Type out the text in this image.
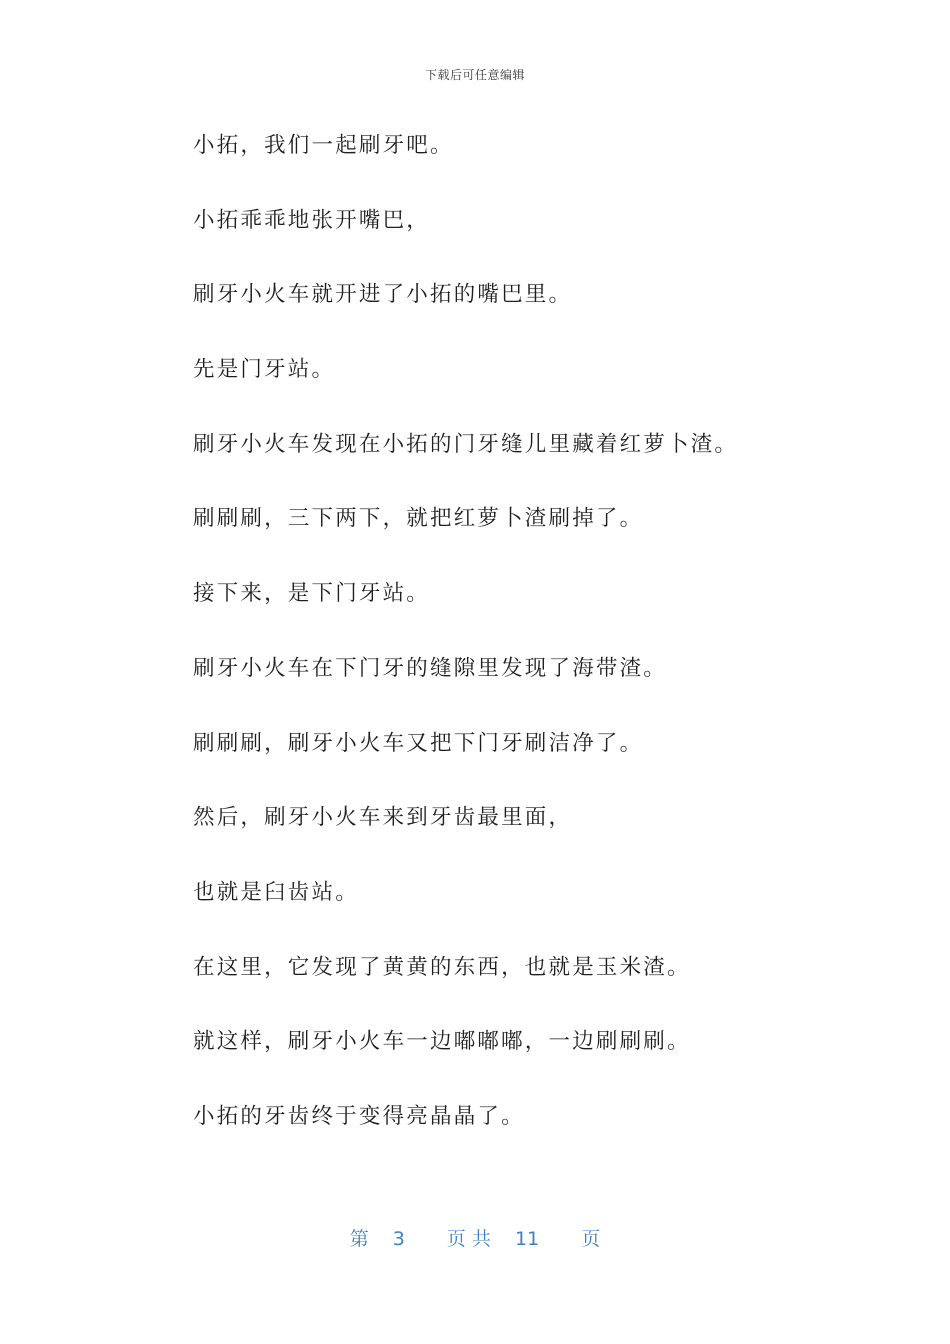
下载后可任意编辑
小拓，我们一起刷牙吧。
小拓乖乖地张开嘴巴，
刷牙小火车就开进了小拓的嘴巴里。
先是门牙站。
刷牙小火车发现在小拓的门牙缝儿里藏着红萝卜渣。
刷刷刷，三下两下，就把红萝卜渣刷掉了。
接下来，是下门牙站。
刷牙小火车在下门牙的缝隙里发现了海带渣。
刷刷刷，刷牙小火车又把下门牙刷洁净了。
然后，刷牙小火车来到牙齿最里面，
也就是臼齿站。
在这里，它发现了黄黄的东西，也就是玉米渣。
就这样，刷牙小火车一边嘟嘟嘟，一边刷刷刷。
小拓的牙齿终于变得亮晶晶了。
第 3 页 共 11 页
